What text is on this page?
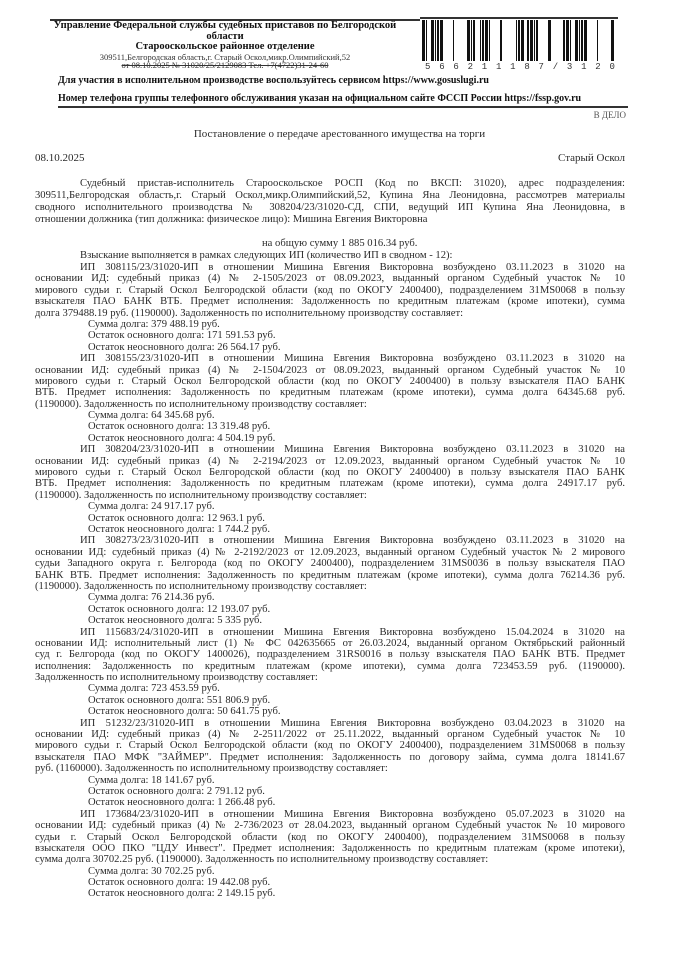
Управление Федеральной службы судебных приставов по Белгородской
области
Старооскольское районное отделение
309511,Белгородская область,г. Старый Оскол,микр.Олимпийский,52
от 08.10.2025 № 31020/25/2129083 Тел. +7(4722)31-24-60	5 6 6 2 1 1 1 8 7 / 3 1 2 0
Для участия в исполнительном производстве воспользуйтесь сервисом https://www.gosuslugi.ru
Номер телефона группы телефонного обслуживания указан на официальном сайте ФССП России https://fssp.gov.ru
В ДЕЛО
Постановление о передаче арестованного имущества на торги
08.10.2025	Старый Оскол
Судебный пристав-исполнитель Старооскольское РОСП (Код по ВКСП: 31020), адрес подразделения:
309511,Белгородская область,г. Старый Оскол,микр.Олимпийский,52, Купина Яна Леонидовна, рассмотрев материалы
сводного исполнительного производства № 308204/23/31020-СД, СПИ, ведущий ИП Купина Яна Леонидовна, в
отношении должника (тип должника: физическое лицо): Мишина Евгения Викторовна
на общую сумму 1 885 016.34 руб.
Взыскание выполняется в рамках следующих ИП (количество ИП в сводном - 12):
ИП 308115/23/31020-ИП в отношении Мишина Евгения Викторовна возбуждено 03.11.2023 в 31020 на
основании ИД: судебный приказ (4) № 2-1505/2023 от 08.09.2023, выданный органом Судебный участок № 10
мирового судьи г. Старый Оскол Белгородской области (код по ОКОГУ 2400400), подразделением 31MS0068 в пользу
взыскателя ПАО БАНК ВТБ. Предмет исполнения: Задолженность по кредитным платежам (кроме ипотеки), сумма
долга 379488.19 руб. (1190000). Задолженность по исполнительному производству составляет:
Сумма долга: 379 488.19 руб.
Остаток основного долга: 171 591.53 руб.
Остаток неосновного долга: 26 564.17 руб.
ИП 308155/23/31020-ИП в отношении Мишина Евгения Викторовна возбуждено 03.11.2023 в 31020 на
основании ИД: судебный приказ (4) № 2-1504/2023 от 08.09.2023, выданный органом Судебный участок № 10
мирового судьи г. Старый Оскол Белгородской области (код по ОКОГУ 2400400) в пользу взыскателя ПАО БАНК
ВТБ. Предмет исполнения: Задолженность по кредитным платежам (кроме ипотеки), сумма долга 64345.68 руб.
(1190000). Задолженность по исполнительному производству составляет:
Сумма долга: 64 345.68 руб.
Остаток основного долга: 13 319.48 руб.
Остаток неосновного долга: 4 504.19 руб.
ИП 308204/23/31020-ИП в отношении Мишина Евгения Викторовна возбуждено 03.11.2023 в 31020 на
основании ИД: судебный приказ (4) № 2-2194/2023 от 12.09.2023, выданный органом Судебный участок № 10
мирового судьи г. Старый Оскол Белгородской области (код по ОКОГУ 2400400) в пользу взыскателя ПАО БАНК
ВТБ. Предмет исполнения: Задолженность по кредитным платежам (кроме ипотеки), сумма долга 24917.17 руб.
(1190000). Задолженность по исполнительному производству составляет:
Сумма долга: 24 917.17 руб.
Остаток основного долга: 12 963.1 руб.
Остаток неосновного долга: 1 744.2 руб.
ИП 308273/23/31020-ИП в отношении Мишина Евгения Викторовна возбуждено 03.11.2023 в 31020 на
основании ИД: судебный приказ (4) № 2-2192/2023 от 12.09.2023, выданный органом Судебный участок № 2 мирового
судьи Западного округа г. Белгорода (код по ОКОГУ 2400400), подразделением 31MS0036 в пользу взыскателя ПАО
БАНК ВТБ. Предмет исполнения: Задолженность по кредитным платежам (кроме ипотеки), сумма долга 76214.36 руб.
(1190000). Задолженность по исполнительному производству составляет:
Сумма долга: 76 214.36 руб.
Остаток основного долга: 12 193.07 руб.
Остаток неосновного долга: 5 335 руб.
ИП 115683/24/31020-ИП в отношении Мишина Евгения Викторовна возбуждено 15.04.2024 в 31020 на
основании ИД: исполнительный лист (1) № ФС 042635665 от 26.03.2024, выданный органом Октябрьский районный
суд г. Белгорода (код по ОКОГУ 1400026), подразделением 31RS0016 в пользу взыскателя ПАО БАНК ВТБ. Предмет
исполнения: Задолженность по кредитным платежам (кроме ипотеки), сумма долга 723453.59 руб. (1190000).
Задолженность по исполнительному производству составляет:
Сумма долга: 723 453.59 руб.
Остаток основного долга: 551 806.9 руб.
Остаток неосновного долга: 50 641.75 руб.
ИП 51232/23/31020-ИП в отношении Мишина Евгения Викторовна возбуждено 03.04.2023 в 31020 на
основании ИД: судебный приказ (4) № 2-2511/2022 от 25.11.2022, выданный органом Судебный участок № 10
мирового судьи г. Старый Оскол Белгородской области (код по ОКОГУ 2400400), подразделением 31MS0068 в пользу
взыскателя ПАО МФК "ЗАЙМЕР". Предмет исполнения: Задолженность по договору займа, сумма долга 18141.67
руб. (1160000). Задолженность по исполнительному производству составляет:
Сумма долга: 18 141.67 руб.
Остаток основного долга: 2 791.12 руб.
Остаток неосновного долга: 1 266.48 руб.
ИП 173684/23/31020-ИП в отношении Мишина Евгения Викторовна возбуждено 05.07.2023 в 31020 на
основании ИД: судебный приказ (4) № 2-736/2023 от 28.04.2023, выданный органом Судебный участок № 10 мирового
судьи г. Старый Оскол Белгородской области (код по ОКОГУ 2400400), подразделением 31MS0068 в пользу
взыскателя ООО ПКО "ЦДУ Инвест". Предмет исполнения: Задолженность по кредитным платежам (кроме ипотеки),
сумма долга 30702.25 руб. (1190000). Задолженность по исполнительному производству составляет:
Сумма долга: 30 702.25 руб.
Остаток основного долга: 19 442.08 руб.
Остаток неосновного долга: 2 149.15 руб.
